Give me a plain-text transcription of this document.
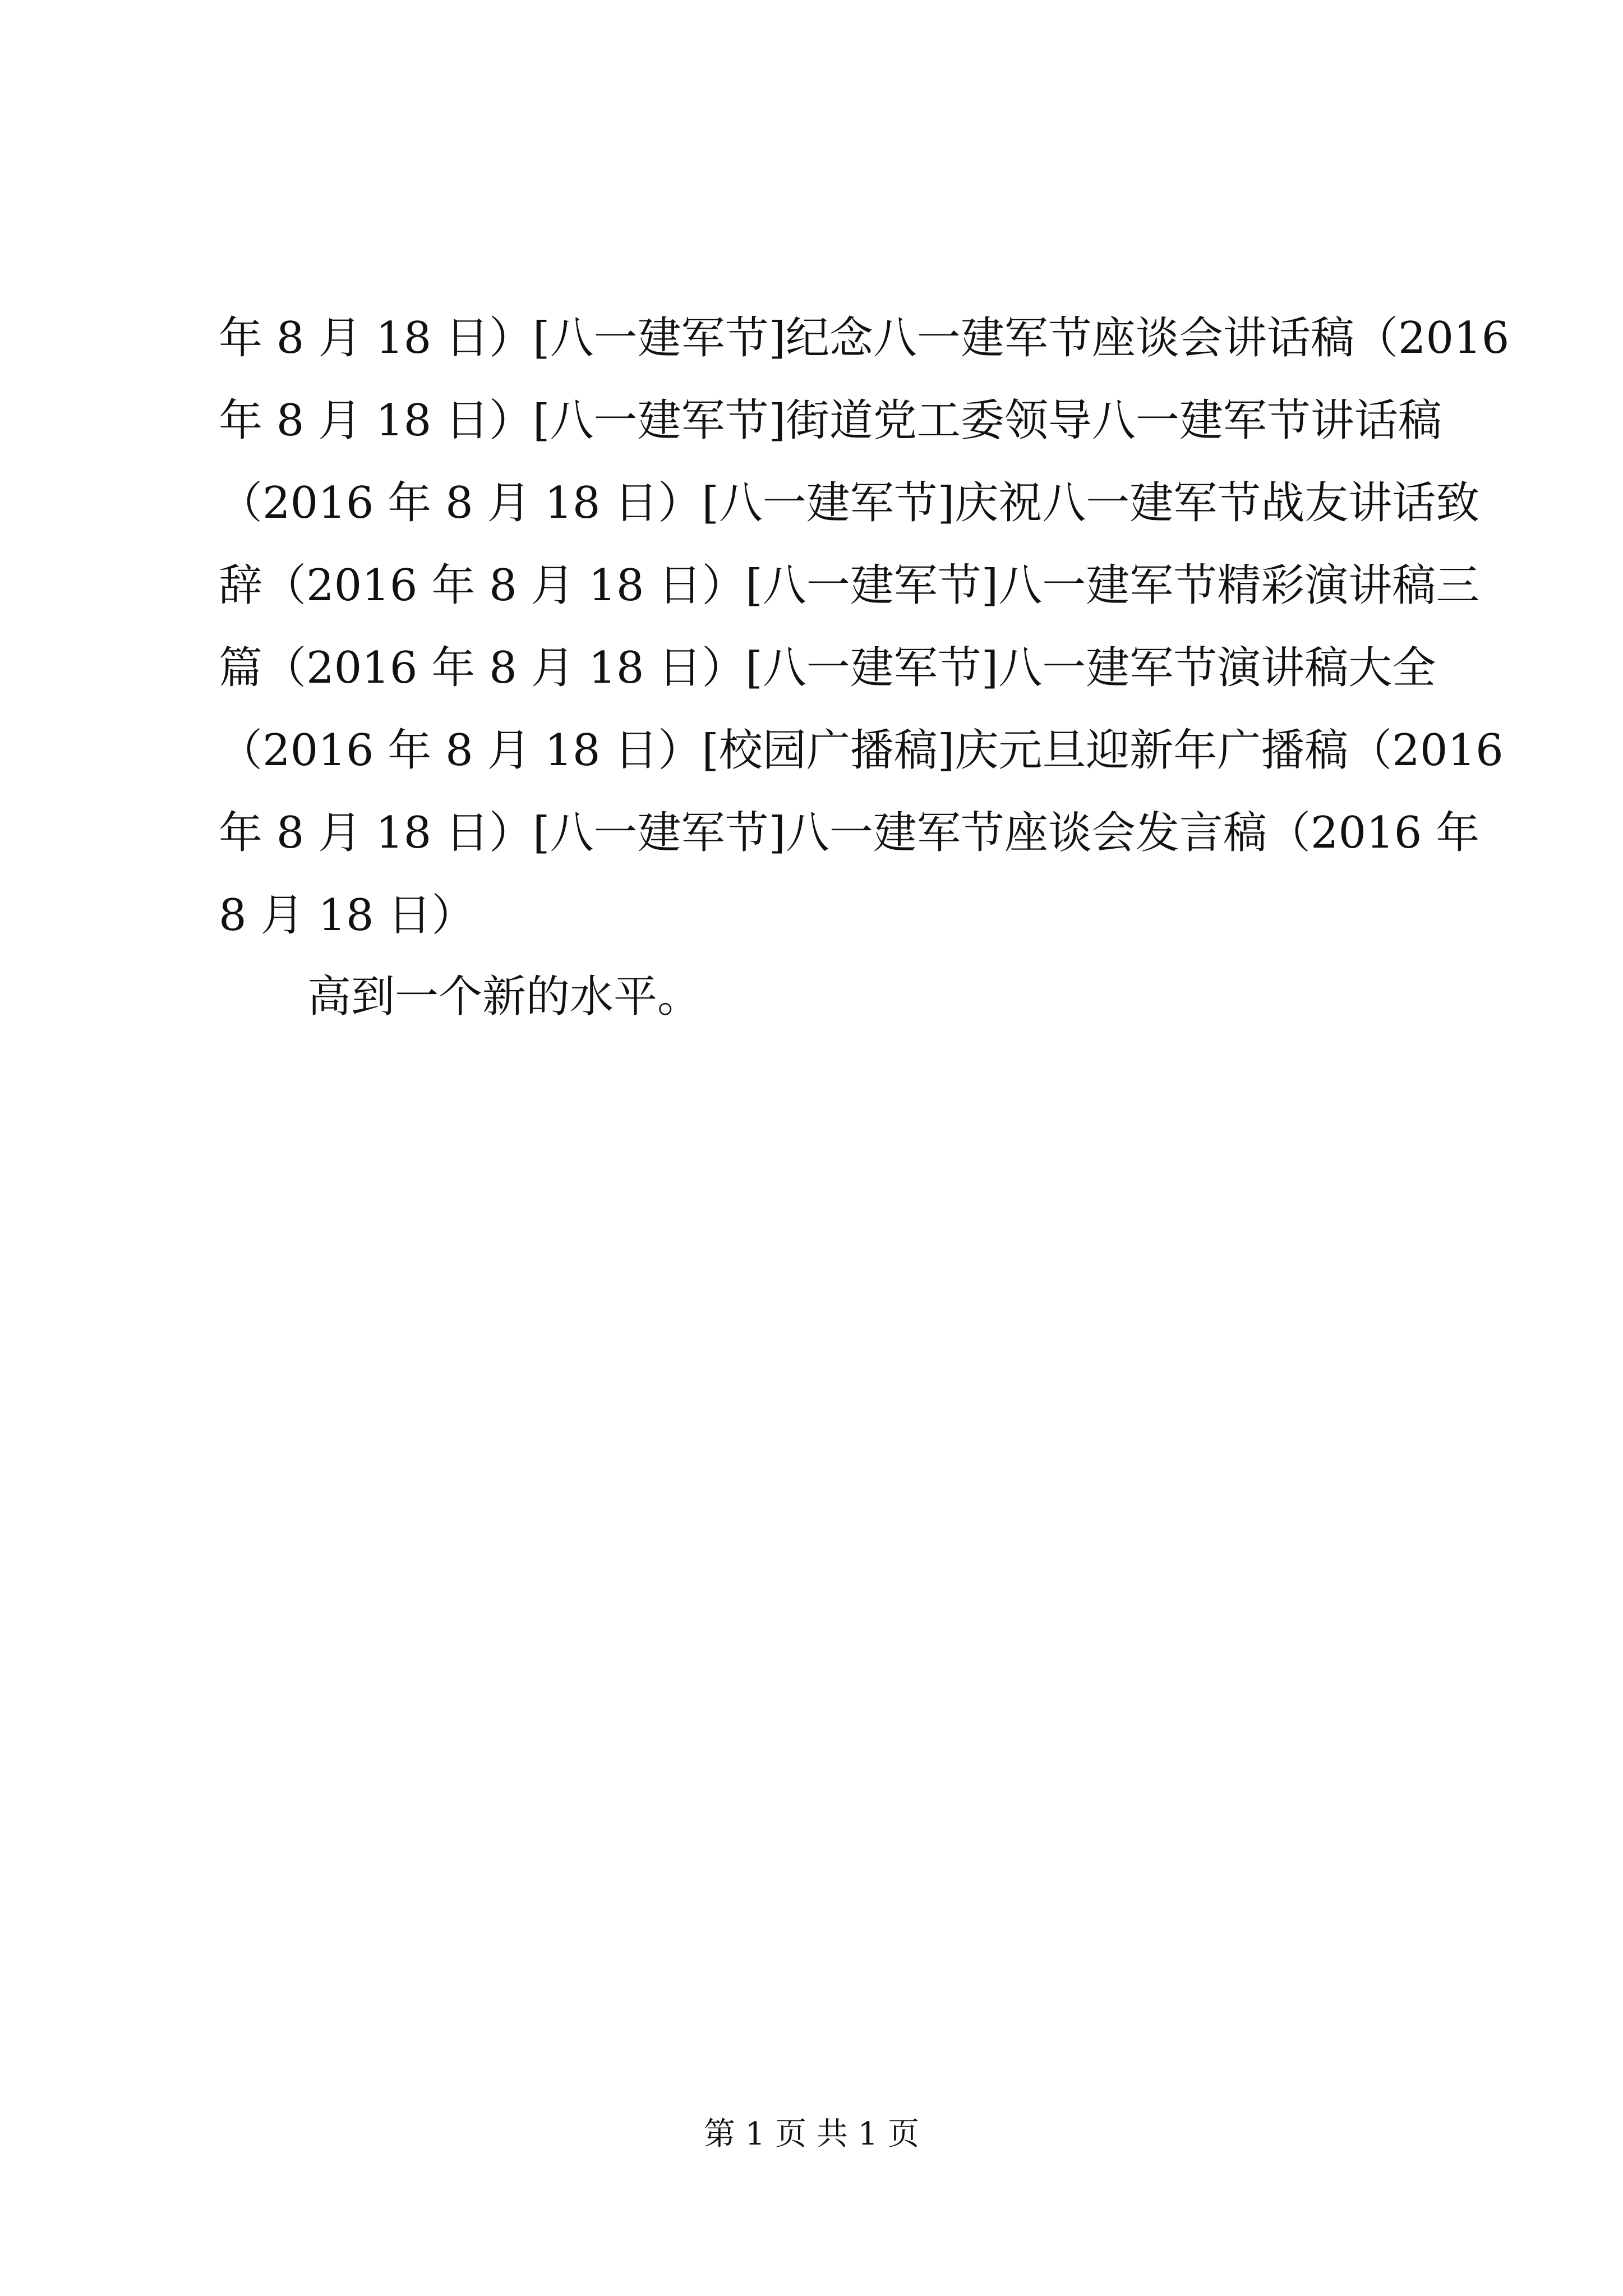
年 8 月 18 日）[八一建军节]纪念八一建军节座谈会讲话稿（2016
年 8 月 18 日）[八一建军节]街道党工委领导八一建军节讲话稿
（2016 年 8 月 18 日）[八一建军节]庆祝八一建军节战友讲话致
辞（2016 年 8 月 18 日）[八一建军节]八一建军节精彩演讲稿三
篇（2016 年 8 月 18 日）[八一建军节]八一建军节演讲稿大全
（2016 年 8 月 18 日）[校园广播稿]庆元旦迎新年广播稿（2016
年 8 月 18 日）[八一建军节]八一建军节座谈会发言稿（2016 年
8 月 18 日）
高到一个新的水平。
第 1 页 共 1 页
